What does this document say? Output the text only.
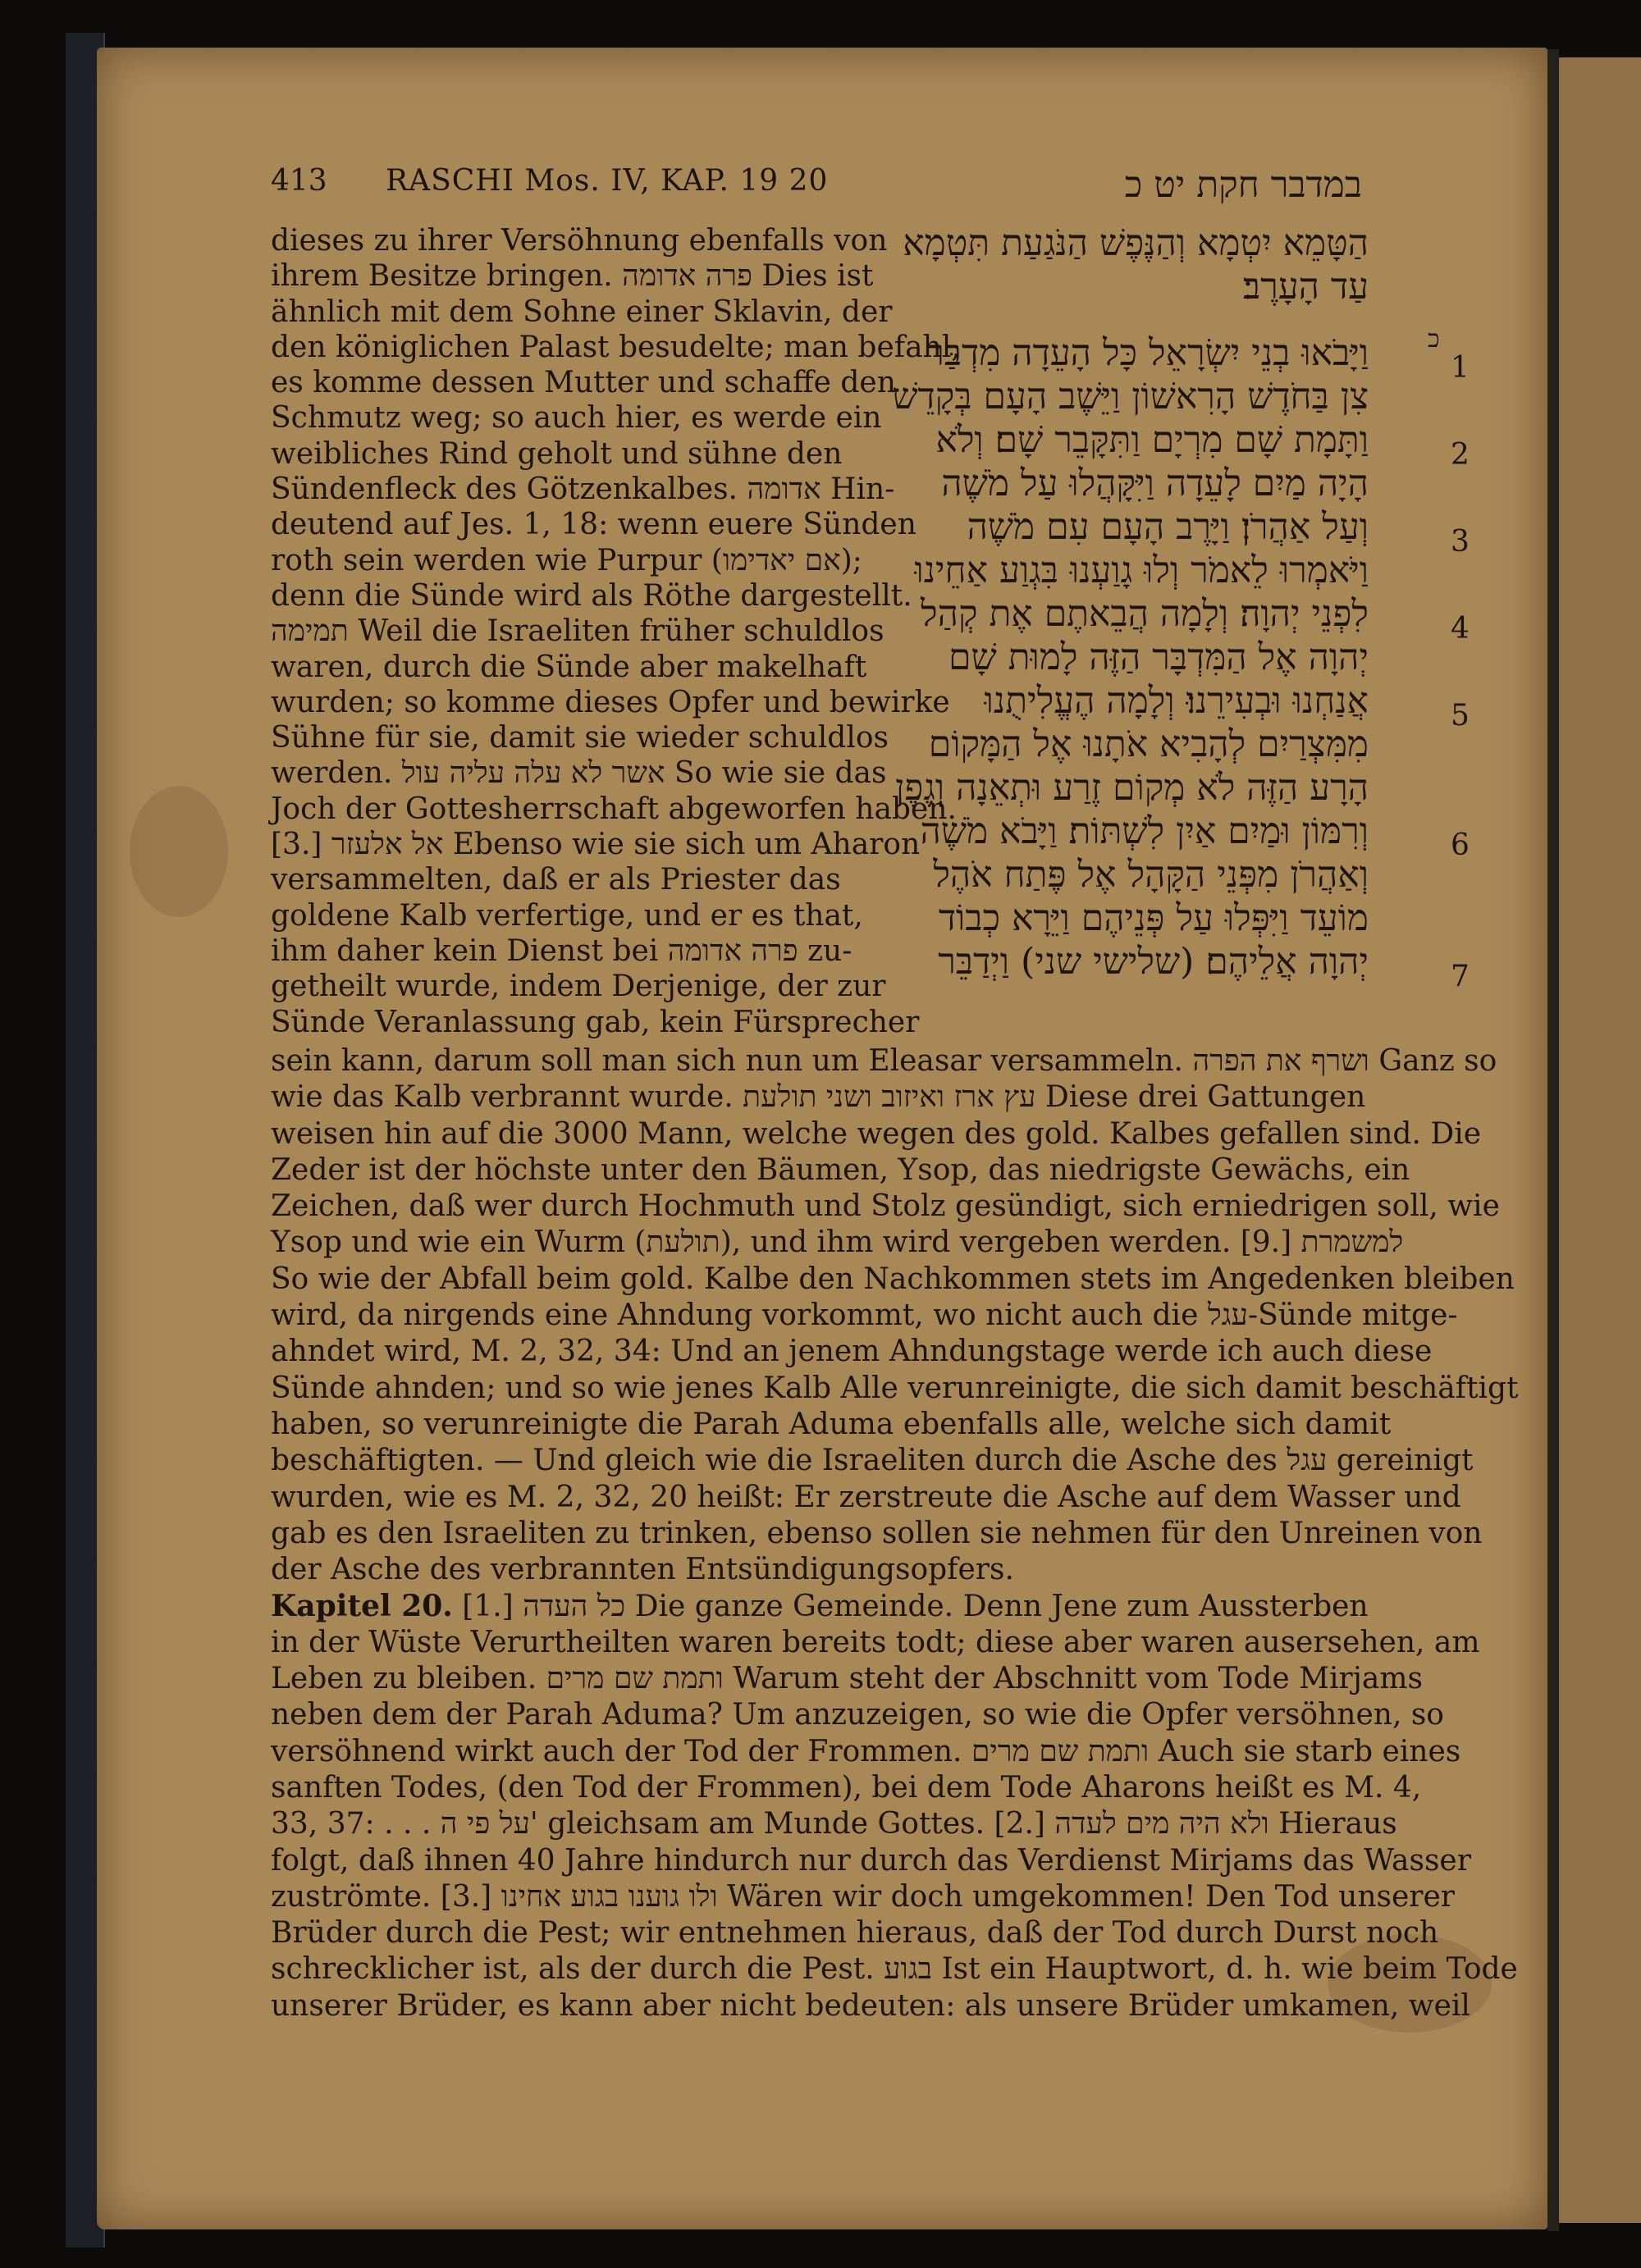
413 RASCHI Mos. IV, KAP. 19 20	במדבר חקת יט כ
dieses zu ihrer Versöhnung ebenfalls von
ihrem Besitze bringen. פרה אדומה Dies ist
ähnlich mit dem Sohne einer Sklavin, der
den königlichen Palast besudelte; man befahl,
es komme dessen Mutter und schaffe den
Schmutz weg; so auch hier, es werde ein
weibliches Rind geholt und sühne den
Sündenfleck des Götzenkalbes. אדומה Hin-
deutend auf Jes. 1, 18: wenn euere Sünden
roth sein werden wie Purpur (אם יאדימו);
denn die Sünde wird als Röthe dargestellt.
תמימה Weil die Israeliten früher schuldlos
waren, durch die Sünde aber makelhaft
wurden; so komme dieses Opfer und bewirke
Sühne für sie, damit sie wieder schuldlos
werden. אשר לא עלה עליה עול So wie sie das
Joch der Gottesherrschaft abgeworfen haben.
[3.] אל אלעזר Ebenso wie sie sich um Aharon
versammelten, daß er als Priester das
goldene Kalb verfertige, und er es that,
ihm daher kein Dienst bei פרה אדומה zu-
getheilt wurde, indem Derjenige, der zur
Sünde Veranlassung gab, kein Fürsprecher
הַטָּמֵא יִטְמָא וְהַנֶּפֶשׁ הַנֹּגַעַת תִּטְמָא
עַד הָעָרֶב׃
וַיָּבֹאוּ בְנֵי יִשְׂרָאֵל כָּל הָעֵדָה מִדְבַּר
צִן בַּחֹדֶשׁ הָרִאשׁוֹן וַיֵּשֶׁב הָעָם בְּקָדֵשׁ
וַתָּמָת שָׁם מִרְיָם וַתִּקָּבֵר שָׁם׃ וְלֹא
הָיָה מַיִם לָעֵדָה וַיִּקָּהֲלוּ עַל מֹשֶׁה
וְעַל אַהֲרֹן׃ וַיָּרֶב הָעָם עִם מֹשֶׁה
וַיֹּאמְרוּ לֵאמֹר וְלוּ גָוַעְנוּ בִּגְוַע אַחֵינוּ
לִפְנֵי יְהוָה׃ וְלָמָה הֲבֵאתֶם אֶת קְהַל
יְהוָה אֶל הַמִּדְבָּר הַזֶּה לָמוּת שָׁם
אֲנַחְנוּ וּבְעִירֵנוּ׃ וְלָמָה הֶעֱלִיתֻנוּ
מִמִּצְרַיִם לְהָבִיא אֹתָנוּ אֶל הַמָּקוֹם
הָרָע הַזֶּה לֹא מְקוֹם זֶרַע וּתְאֵנָה וְגֶפֶן
וְרִמּוֹן וּמַיִם אַיִן לִשְׁתּוֹת׃ וַיָּבֹא מֹשֶׁה
וְאַהֲרֹן מִפְּנֵי הַקָּהָל אֶל פֶּתַח אֹהֶל
מוֹעֵד וַיִּפְּלוּ עַל פְּנֵיהֶם וַיֵּרָא כְבוֹד
יְהוָה אֲלֵיהֶם׃ (שלישי שני) וַיְדַבֵּר
כ
1
2
3
4
5
6
7
sein kann, darum soll man sich nun um Eleasar versammeln. ושרף את הפרה Ganz so
wie das Kalb verbrannt wurde. עץ ארז ואיזוב ושני תולעת Diese drei Gattungen
weisen hin auf die 3000 Mann, welche wegen des gold. Kalbes gefallen sind. Die
Zeder ist der höchste unter den Bäumen, Ysop, das niedrigste Gewächs, ein
Zeichen, daß wer durch Hochmuth und Stolz gesündigt, sich erniedrigen soll, wie
Ysop und wie ein Wurm (תולעת), und ihm wird vergeben werden. [9.] למשמרת
So wie der Abfall beim gold. Kalbe den Nachkommen stets im Angedenken bleiben
wird, da nirgends eine Ahndung vorkommt, wo nicht auch die עגל-Sünde mitge-
ahndet wird, M. 2, 32, 34: Und an jenem Ahndungstage werde ich auch diese
Sünde ahnden; und so wie jenes Kalb Alle verunreinigte, die sich damit beschäftigt
haben, so verunreinigte die Parah Aduma ebenfalls alle, welche sich damit
beschäftigten. — Und gleich wie die Israeliten durch die Asche des עגל gereinigt
wurden, wie es M. 2, 32, 20 heißt: Er zerstreute die Asche auf dem Wasser und
gab es den Israeliten zu trinken, ebenso sollen sie nehmen für den Unreinen von
der Asche des verbrannten Entsündigungsopfers.
Kapitel 20. [1.] כל העדה Die ganze Gemeinde. Denn Jene zum Aussterben
in der Wüste Verurtheilten waren bereits todt; diese aber waren ausersehen, am
Leben zu bleiben. ותמת שם מרים Warum steht der Abschnitt vom Tode Mirjams
neben dem der Parah Aduma? Um anzuzeigen, so wie die Opfer versöhnen, so
versöhnend wirkt auch der Tod der Frommen. ותמת שם מרים Auch sie starb eines
sanften Todes, (den Tod der Frommen), bei dem Tode Aharons heißt es M. 4,
33, 37: . . . על פי ה' gleichsam am Munde Gottes. [2.] ולא היה מים לעדה Hieraus
folgt, daß ihnen 40 Jahre hindurch nur durch das Verdienst Mirjams das Wasser
zuströmte. [3.] ולו גוענו בגוע אחינו Wären wir doch umgekommen! Den Tod unserer
Brüder durch die Pest; wir entnehmen hieraus, daß der Tod durch Durst noch
schrecklicher ist, als der durch die Pest. בגוע Ist ein Hauptwort, d. h. wie beim Tode
unserer Brüder, es kann aber nicht bedeuten: als unsere Brüder umkamen, weil
